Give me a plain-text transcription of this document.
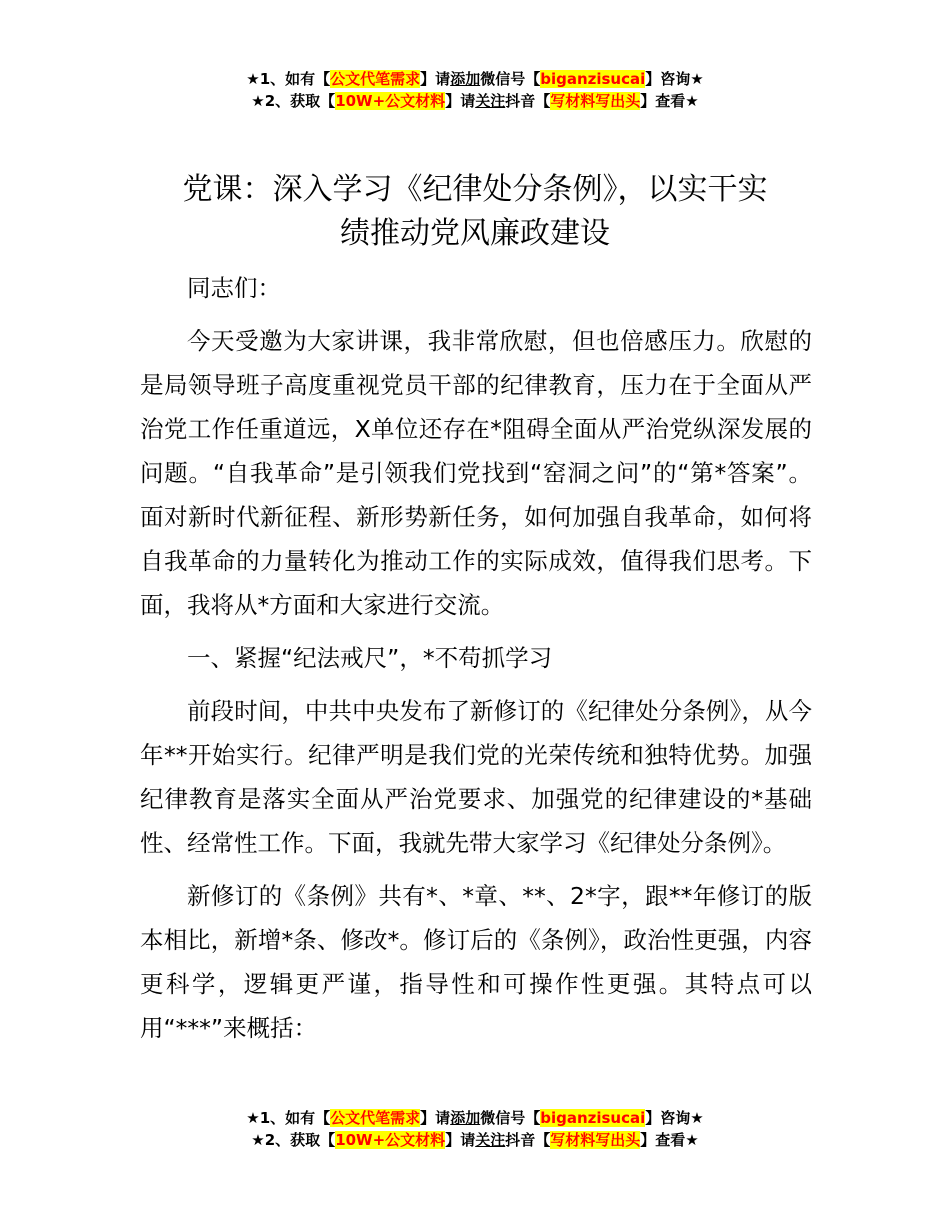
★1、如有【公文代笔需求】请添加微信号【biganzisucai】咨询★
★2、获取【10W+公文材料】请关注抖音【写材料写出头】查看★
党课：深入学习《纪律处分条例》，以实干实
绩推动党风廉政建设

同志们：

今天受邀为大家讲课，我非常欣慰，但也倍感压力。欣慰的是局领导班子高度重视党员干部的纪律教育，压力在于全面从严治党工作任重道远，X单位还存在*阻碍全面从严治党纵深发展的问题。“自我革命”是引领我们党找到“窑洞之问”的“第*答案”。面对新时代新征程、新形势新任务，如何加强自我革命，如何将自我革命的力量转化为推动工作的实际成效，值得我们思考。下面，我将从*方面和大家进行交流。

一、紧握“纪法戒尺”，*不苟抓学习

前段时间，中共中央发布了新修订的《纪律处分条例》，从今年**开始实行。纪律严明是我们党的光荣传统和独特优势。加强纪律教育是落实全面从严治党要求、加强党的纪律建设的*基础性、经常性工作。下面，我就先带大家学习《纪律处分条例》。

新修订的《条例》共有*、*章、**、2*字，跟**年修订的版本相比，新增*条、修改*。修订后的《条例》，政治性更强，内容更科学，逻辑更严谨，指导性和可操作性更强。其特点可以用“***”来概括：

★1、如有【公文代笔需求】请添加微信号【biganzisucai】咨询★
★2、获取【10W+公文材料】请关注抖音【写材料写出头】查看★
